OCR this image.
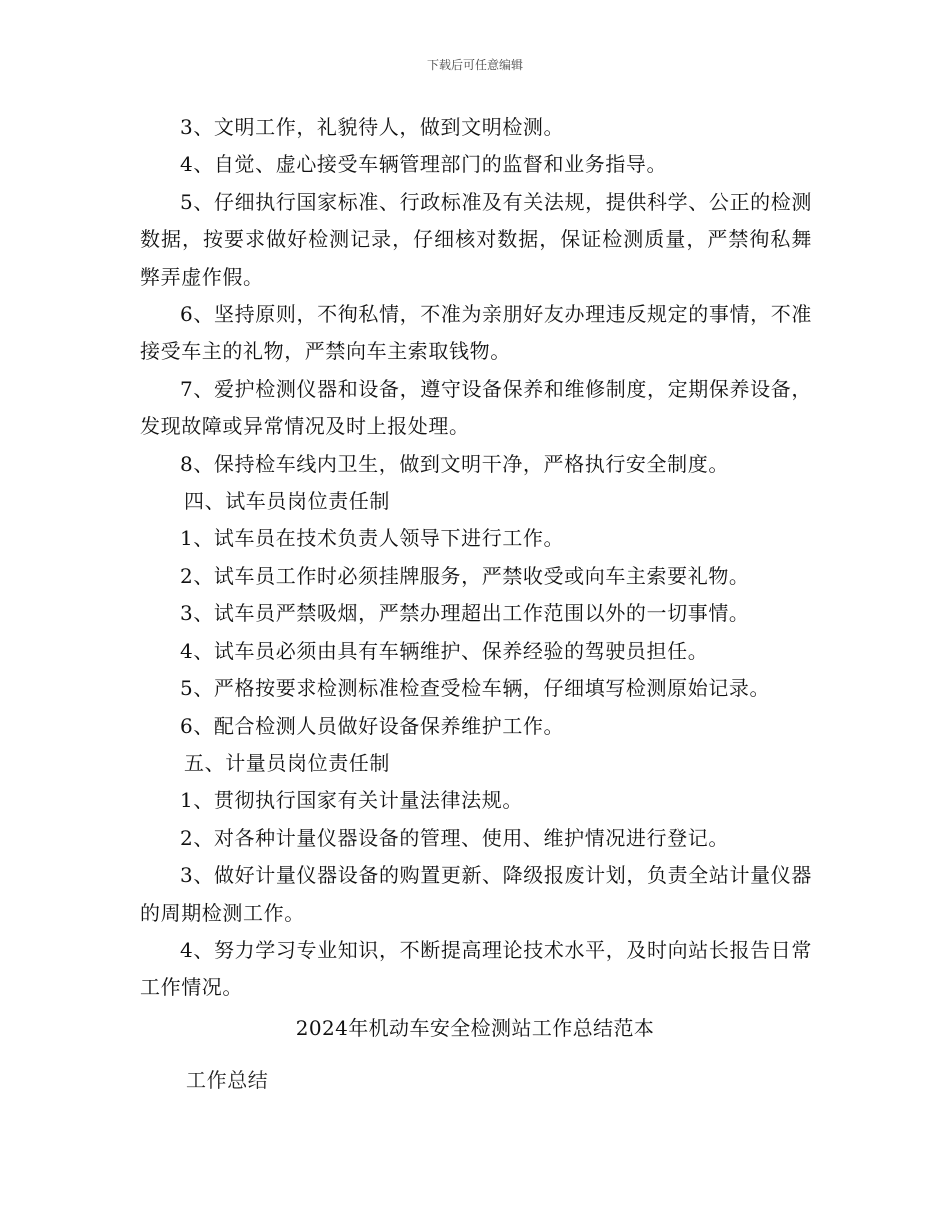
下载后可任意编辑

3、文明工作，礼貌待人，做到文明检测。

4、自觉、虚心接受车辆管理部门的监督和业务指导。

5、仔细执行国家标准、行政标准及有关法规，提供科学、公正的检测数据，按要求做好检测记录，仔细核对数据，保证检测质量，严禁徇私舞弊弄虚作假。

6、坚持原则，不徇私情，不准为亲朋好友办理违反规定的事情，不准接受车主的礼物，严禁向车主索取钱物。

7、爱护检测仪器和设备，遵守设备保养和维修制度，定期保养设备，发现故障或异常情况及时上报处理。

8、保持检车线内卫生，做到文明干净，严格执行安全制度。

四、试车员岗位责任制

1、试车员在技术负责人领导下进行工作。

2、试车员工作时必须挂牌服务，严禁收受或向车主索要礼物。

3、试车员严禁吸烟，严禁办理超出工作范围以外的一切事情。

4、试车员必须由具有车辆维护、保养经验的驾驶员担任。

5、严格按要求检测标准检查受检车辆，仔细填写检测原始记录。

6、配合检测人员做好设备保养维护工作。

五、计量员岗位责任制

1、贯彻执行国家有关计量法律法规。

2、对各种计量仪器设备的管理、使用、维护情况进行登记。

3、做好计量仪器设备的购置更新、降级报废计划，负责全站计量仪器的周期检测工作。

4、努力学习专业知识，不断提高理论技术水平，及时向站长报告日常工作情况。

2024年机动车安全检测站工作总结范本
工作总结
